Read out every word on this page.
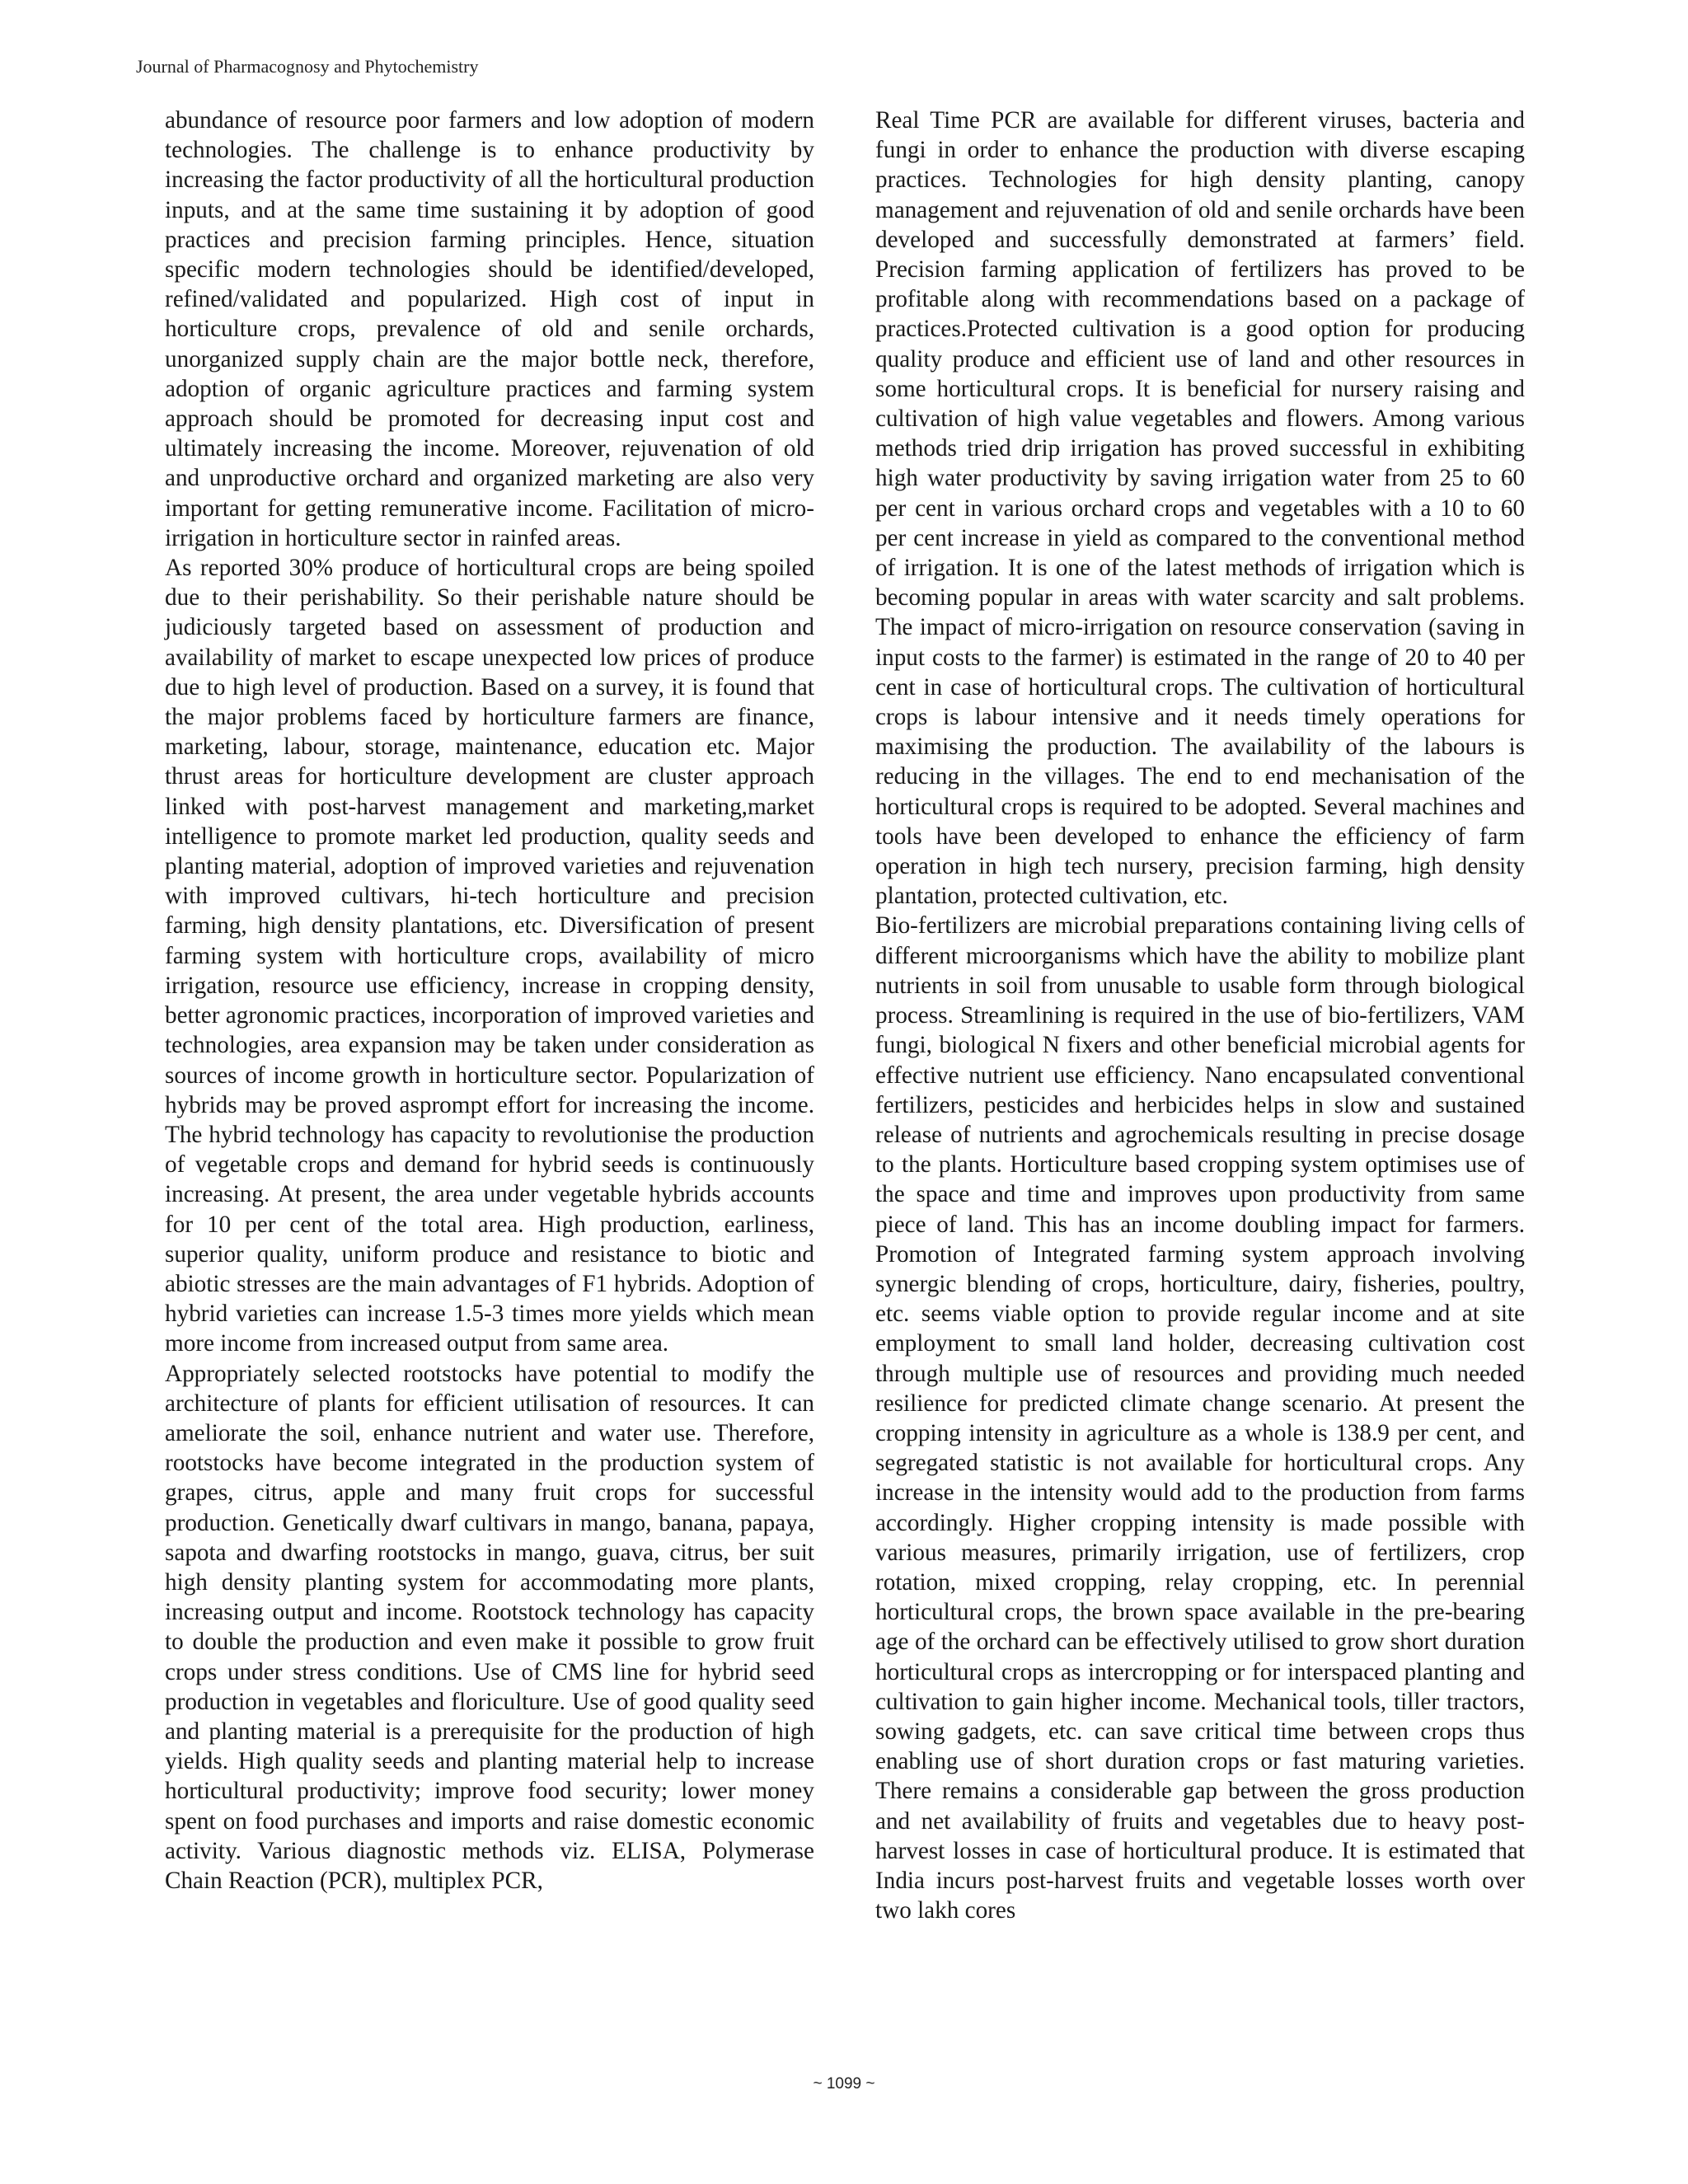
Journal of Pharmacognosy and Phytochemistry

abundance of resource poor farmers and low adoption of modern technologies. The challenge is to enhance productivity by increasing the factor productivity of all the horticultural production inputs, and at the same time sustaining it by adoption of good practices and precision farming principles. Hence, situation specific modern technologies should be identified/developed, refined/validated and popularized. High cost of input in horticulture crops, prevalence of old and senile orchards, unorganized supply chain are the major bottle neck, therefore, adoption of organic agriculture practices and farming system approach should be promoted for decreasing input cost and ultimately increasing the income. Moreover, rejuvenation of old and unproductive orchard and organized marketing are also very important for getting remunerative income. Facilitation of micro-irrigation in horticulture sector in rainfed areas.

As reported 30% produce of horticultural crops are being spoiled due to their perishability. So their perishable nature should be judiciously targeted based on assessment of production and availability of market to escape unexpected low prices of produce due to high level of production. Based on a survey, it is found that the major problems faced by horticulture farmers are finance, marketing, labour, storage, maintenance, education etc. Major thrust areas for horticulture development are cluster approach linked with post-harvest management and marketing,market intelligence to promote market led production, quality seeds and planting material, adoption of improved varieties and rejuvenation with improved cultivars, hi-tech horticulture and precision farming, high density plantations, etc. Diversification of present farming system with horticulture crops, availability of micro irrigation, resource use efficiency, increase in cropping density, better agronomic practices, incorporation of improved varieties and technologies, area expansion may be taken under consideration as sources of income growth in horticulture sector. Popularization of hybrids may be proved asprompt effort for increasing the income. The hybrid technology has capacity to revolutionise the production of vegetable crops and demand for hybrid seeds is continuously increasing. At present, the area under vegetable hybrids accounts for 10 per cent of the total area. High production, earliness, superior quality, uniform produce and resistance to biotic and abiotic stresses are the main advantages of F1 hybrids. Adoption of hybrid varieties can increase 1.5-3 times more yields which mean more income from increased output from same area.

Appropriately selected rootstocks have potential to modify the architecture of plants for efficient utilisation of resources. It can ameliorate the soil, enhance nutrient and water use. Therefore, rootstocks have become integrated in the production system of grapes, citrus, apple and many fruit crops for successful production. Genetically dwarf cultivars in mango, banana, papaya, sapota and dwarfing rootstocks in mango, guava, citrus, ber suit high density planting system for accommodating more plants, increasing output and income. Rootstock technology has capacity to double the production and even make it possible to grow fruit crops under stress conditions. Use of CMS line for hybrid seed production in vegetables and floriculture. Use of good quality seed and planting material is a prerequisite for the production of high yields. High quality seeds and planting material help to increase horticultural productivity; improve food security; lower money spent on food purchases and imports and raise domestic economic activity. Various diagnostic methods viz. ELISA, Polymerase Chain Reaction (PCR), multiplex PCR,

Real Time PCR are available for different viruses, bacteria and fungi in order to enhance the production with diverse escaping practices. Technologies for high density planting, canopy management and rejuvenation of old and senile orchards have been developed and successfully demonstrated at farmers’ field. Precision farming application of fertilizers has proved to be profitable along with recommendations based on a package of practices.Protected cultivation is a good option for producing quality produce and efficient use of land and other resources in some horticultural crops. It is beneficial for nursery raising and cultivation of high value vegetables and flowers. Among various methods tried drip irrigation has proved successful in exhibiting high water productivity by saving irrigation water from 25 to 60 per cent in various orchard crops and vegetables with a 10 to 60 per cent increase in yield as compared to the conventional method of irrigation. It is one of the latest methods of irrigation which is becoming popular in areas with water scarcity and salt problems. The impact of micro-irrigation on resource conservation (saving in input costs to the farmer) is estimated in the range of 20 to 40 per cent in case of horticultural crops. The cultivation of horticultural crops is labour intensive and it needs timely operations for maximising the production. The availability of the labours is reducing in the villages. The end to end mechanisation of the horticultural crops is required to be adopted. Several machines and tools have been developed to enhance the efficiency of farm operation in high tech nursery, precision farming, high density plantation, protected cultivation, etc.

Bio-fertilizers are microbial preparations containing living cells of different microorganisms which have the ability to mobilize plant nutrients in soil from unusable to usable form through biological process. Streamlining is required in the use of bio-fertilizers, VAM fungi, biological N fixers and other beneficial microbial agents for effective nutrient use efficiency. Nano encapsulated conventional fertilizers, pesticides and herbicides helps in slow and sustained release of nutrients and agrochemicals resulting in precise dosage to the plants. Horticulture based cropping system optimises use of the space and time and improves upon productivity from same piece of land. This has an income doubling impact for farmers. Promotion of Integrated farming system approach involving synergic blending of crops, horticulture, dairy, fisheries, poultry, etc. seems viable option to provide regular income and at site employment to small land holder, decreasing cultivation cost through multiple use of resources and providing much needed resilience for predicted climate change scenario. At present the cropping intensity in agriculture as a whole is 138.9 per cent, and segregated statistic is not available for horticultural crops. Any increase in the intensity would add to the production from farms accordingly. Higher cropping intensity is made possible with various measures, primarily irrigation, use of fertilizers, crop rotation, mixed cropping, relay cropping, etc. In perennial horticultural crops, the brown space available in the pre-bearing age of the orchard can be effectively utilised to grow short duration horticultural crops as intercropping or for interspaced planting and cultivation to gain higher income. Mechanical tools, tiller tractors, sowing gadgets, etc. can save critical time between crops thus enabling use of short duration crops or fast maturing varieties. There remains a considerable gap between the gross production and net availability of fruits and vegetables due to heavy post-harvest losses in case of horticultural produce. It is estimated that India incurs post-harvest fruits and vegetable losses worth over two lakh cores

~ 1099 ~
